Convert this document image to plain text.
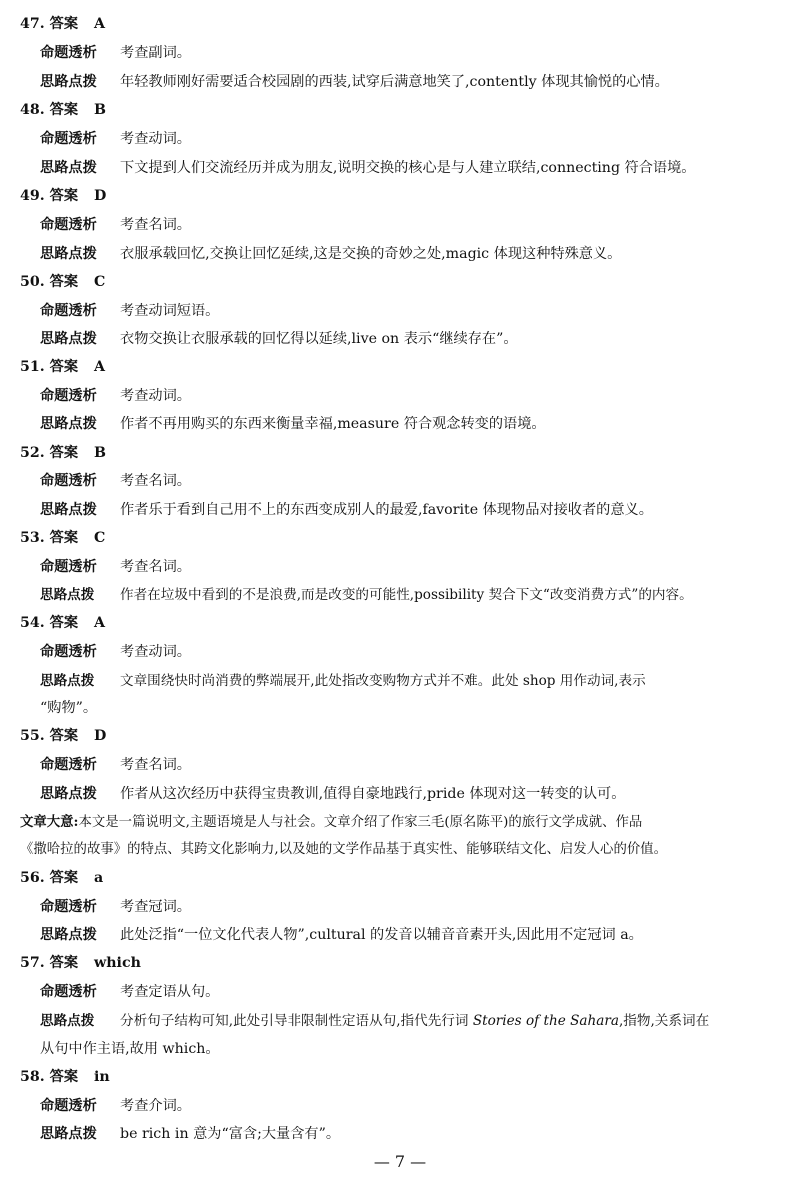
47. 答案 A
命题透析 考查副词。
思路点拨 年轻教师刚好需要适合校园剧的西装,试穿后满意地笑了,contently 体现其愉悦的心情。
48. 答案 B
命题透析 考查动词。
思路点拨 下文提到人们交流经历并成为朋友,说明交换的核心是与人建立联结,connecting 符合语境。
49. 答案 D
命题透析 考查名词。
思路点拨 衣服承载回忆,交换让回忆延续,这是交换的奇妙之处,magic 体现这种特殊意义。
50. 答案 C
命题透析 考查动词短语。
思路点拨 衣物交换让衣服承载的回忆得以延续,live on 表示“继续存在”。
51. 答案 A
命题透析 考查动词。
思路点拨 作者不再用购买的东西来衡量幸福,measure 符合观念转变的语境。
52. 答案 B
命题透析 考查名词。
思路点拨 作者乐于看到自己用不上的东西变成别人的最爱,favorite 体现物品对接收者的意义。
53. 答案 C
命题透析 考查名词。
思路点拨 作者在垃圾中看到的不是浪费,而是改变的可能性,possibility 契合下文“改变消费方式”的内容。
54. 答案 A
命题透析 考查动词。
思路点拨 文章围绕快时尚消费的弊端展开,此处指改变购物方式并不难。此处 shop 用作动词,表示
“购物”。
55. 答案 D
命题透析 考查名词。
思路点拨 作者从这次经历中获得宝贵教训,值得自豪地践行,pride 体现对这一转变的认可。
文章大意:本文是一篇说明文,主题语境是人与社会。文章介绍了作家三毛(原名陈平)的旅行文学成就、作品
《撒哈拉的故事》的特点、其跨文化影响力,以及她的文学作品基于真实性、能够联结文化、启发人心的价值。
56. 答案 a
命题透析 考查冠词。
思路点拨 此处泛指“一位文化代表人物”,cultural 的发音以辅音音素开头,因此用不定冠词 a。
57. 答案 which
命题透析 考查定语从句。
思路点拨 分析句子结构可知,此处引导非限制性定语从句,指代先行词 Stories of the Sahara,指物,关系词在
从句中作主语,故用 which。
58. 答案 in
命题透析 考查介词。
思路点拨 be rich in 意为“富含;大量含有”。
— 7 —
